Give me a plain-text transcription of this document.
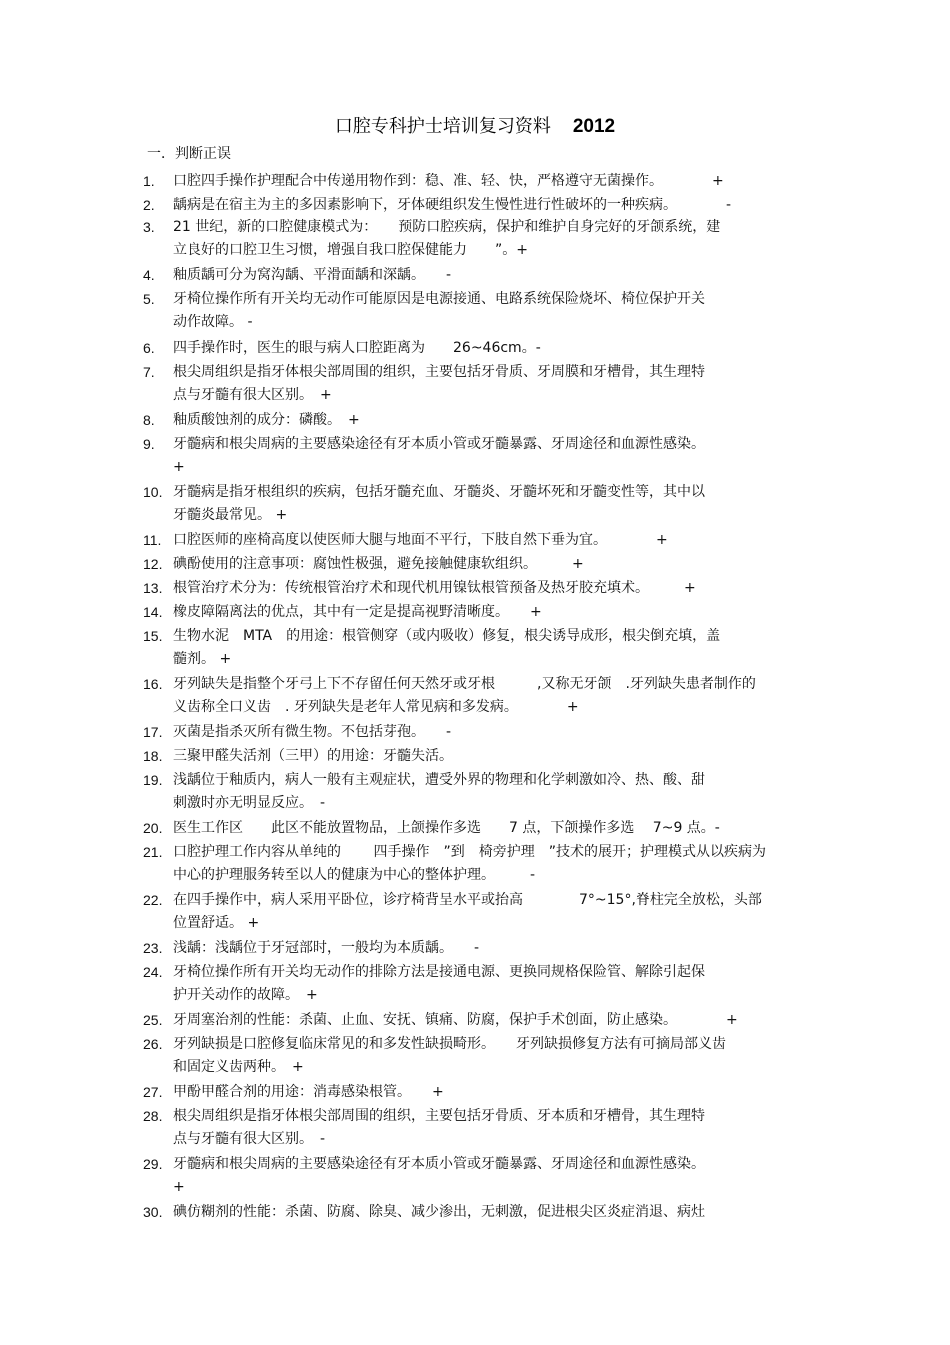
口腔专科护士培训复习资料 2012
一．判断正误
1. 口腔四手操作护理配合中传递用物作到：稳、准、轻、快，严格遵守无菌操作。　　　　+
2. 龋病是在宿主为主的多因素影响下，牙体硬组织发生慢性进行性破坏的一种疾病。　　　　-
3. 21 世纪，新的口腔健康模式为：　　预防口腔疾病，保护和维护自身完好的牙颌系统，建
立良好的口腔卫生习惯，增强自我口腔保健能力　　”。+
4. 釉质龋可分为窝沟龋、平滑面龋和深龋。　　-
5. 牙椅位操作所有开关均无动作可能原因是电源接通、电路系统保险烧坏、椅位保护开关
动作故障。 -
6. 四手操作时，医生的眼与病人口腔距离为　　26~46cm。-
7. 根尖周组织是指牙体根尖部周围的组织，主要包括牙骨质、牙周膜和牙槽骨，其生理特
点与牙髓有很大区别。　+
8. 釉质酸蚀剂的成分：磷酸。　+
9. 牙髓病和根尖周病的主要感染途径有牙本质小管或牙髓暴露、牙周途径和血源性感染。
+
10. 牙髓病是指牙根组织的疾病，包括牙髓充血、牙髓炎、牙髓坏死和牙髓变性等，其中以
牙髓炎最常见。 +
11. 口腔医师的座椅高度以使医师大腿与地面不平行，下肢自然下垂为宜。　　　　+
12. 碘酚使用的注意事项：腐蚀性极强，避免接触健康软组织。　　　+
13. 根管治疗术分为：传统根管治疗术和现代机用镍钛根管预备及热牙胶充填术。　　　+
14. 橡皮障隔离法的优点，其中有一定是提高视野清晰度。　　+
15. 生物水泥　MTA　的用途：根管侧穿（或内吸收）修复，根尖诱导成形，根尖倒充填，盖
髓剂。 +
16. 牙列缺失是指整个牙弓上下不存留任何天然牙或牙根　　　,又称无牙颌　.牙列缺失患者制作的
义齿称全口义齿　. 牙列缺失是老年人常见病和多发病。　　　　+
17. 灭菌是指杀灭所有微生物。不包括芽孢。　　-
18. 三聚甲醛失活剂（三甲）的用途：牙髓失活。
19. 浅龋位于釉质内，病人一般有主观症状，遭受外界的物理和化学刺激如冷、热、酸、甜
刺激时亦无明显反应。　-
20. 医生工作区　　此区不能放置物品，上颌操作多选　　7 点，下颌操作多选　 7~9 点。-
21. 口腔护理工作内容从单纯的　　 四手操作　”到　椅旁护理　”技术的展开；护理模式从以疾病为
中心的护理服务转至以人的健康为中心的整体护理。　　　-
22. 在四手操作中，病人采用平卧位，诊疗椅背呈水平或抬高　　　　7°~15°,脊柱完全放松，头部
位置舒适。 +
23. 浅龋：浅龋位于牙冠部时，一般均为本质龋。　　-
24. 牙椅位操作所有开关均无动作的排除方法是接通电源、更换同规格保险管、解除引起保
护开关动作的故障。　+
25. 牙周塞治剂的性能：杀菌、止血、安抚、镇痛、防腐，保护手术创面，防止感染。　　　　+
26. 牙列缺损是口腔修复临床常见的和多发性缺损畸形。　　牙列缺损修复方法有可摘局部义齿
和固定义齿两种。　+
27. 甲酚甲醛合剂的用途：消毒感染根管。　　+
28. 根尖周组织是指牙体根尖部周围的组织，主要包括牙骨质、牙本质和牙槽骨，其生理特
点与牙髓有很大区别。　-
29. 牙髓病和根尖周病的主要感染途径有牙本质小管或牙髓暴露、牙周途径和血源性感染。
+
30. 碘仿糊剂的性能：杀菌、防腐、除臭、减少渗出，无刺激，促进根尖区炎症消退、病灶
